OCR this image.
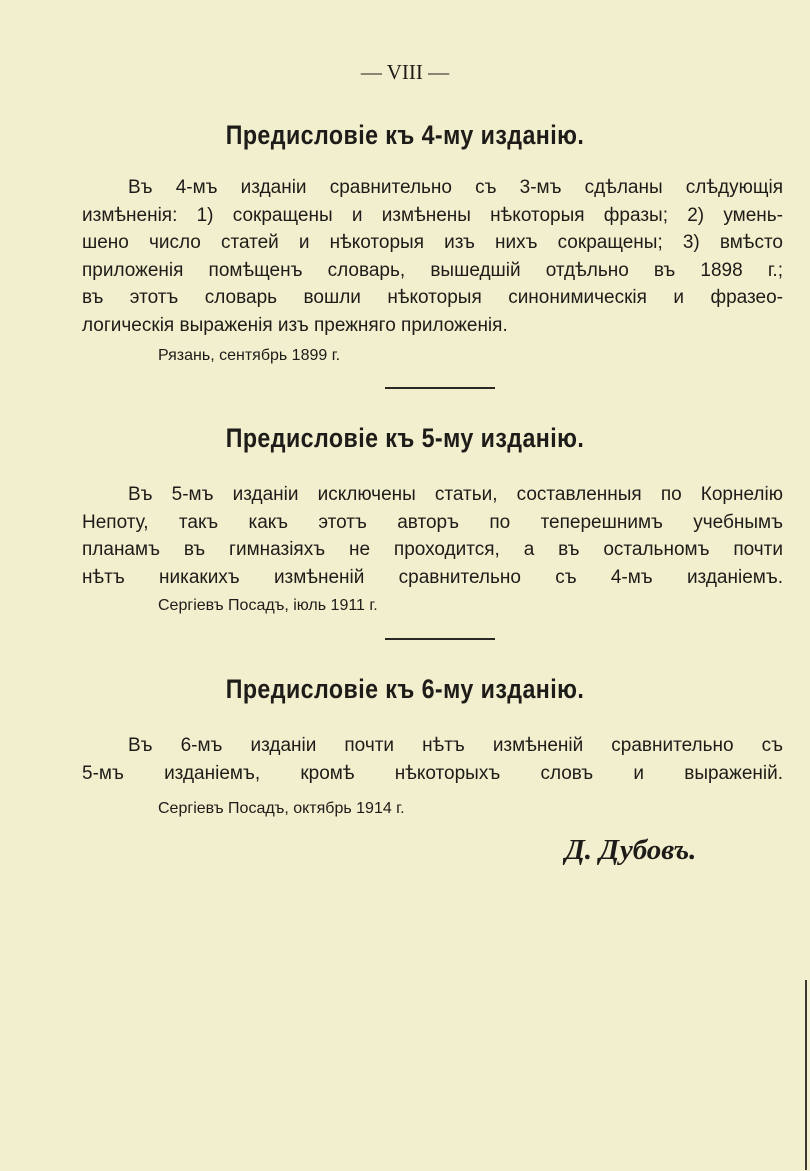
— VIII —
Предисловіе къ 4-му изданію.
Въ 4-мъ изданіи сравнительно съ 3-мъ сдѣланы слѣдующія
измѣненія: 1) сокращены и измѣнены нѣкоторыя фразы; 2) умень-
шено число статей и нѣкоторыя изъ нихъ сокращены; 3) вмѣсто
приложенія помѣщенъ словарь, вышедшій отдѣльно въ 1898 г.;
въ этотъ словарь вошли нѣкоторыя синонимическія и фразео-
логическія выраженія изъ прежняго приложенія.
Рязань, сентябрь 1899 г.
Предисловіе къ 5-му изданію.
Въ 5-мъ изданіи исключены статьи, составленныя по Корнелію
Непоту, такъ какъ этотъ авторъ по теперешнимъ учебнымъ
планамъ въ гимназіяхъ не проходится, а въ остальномъ почти
нѣтъ никакихъ измѣненій сравнительно съ 4-мъ изданіемъ.
Сергіевъ Посадъ, іюль 1911 г.
Предисловіе къ 6-му изданію.
Въ 6-мъ изданіи почти нѣтъ измѣненій сравнительно съ
5-мъ изданіемъ, кромѣ нѣкоторыхъ словъ и выраженій.
Сергіевъ Посадъ, октябрь 1914 г.
Д. Дубовъ.
